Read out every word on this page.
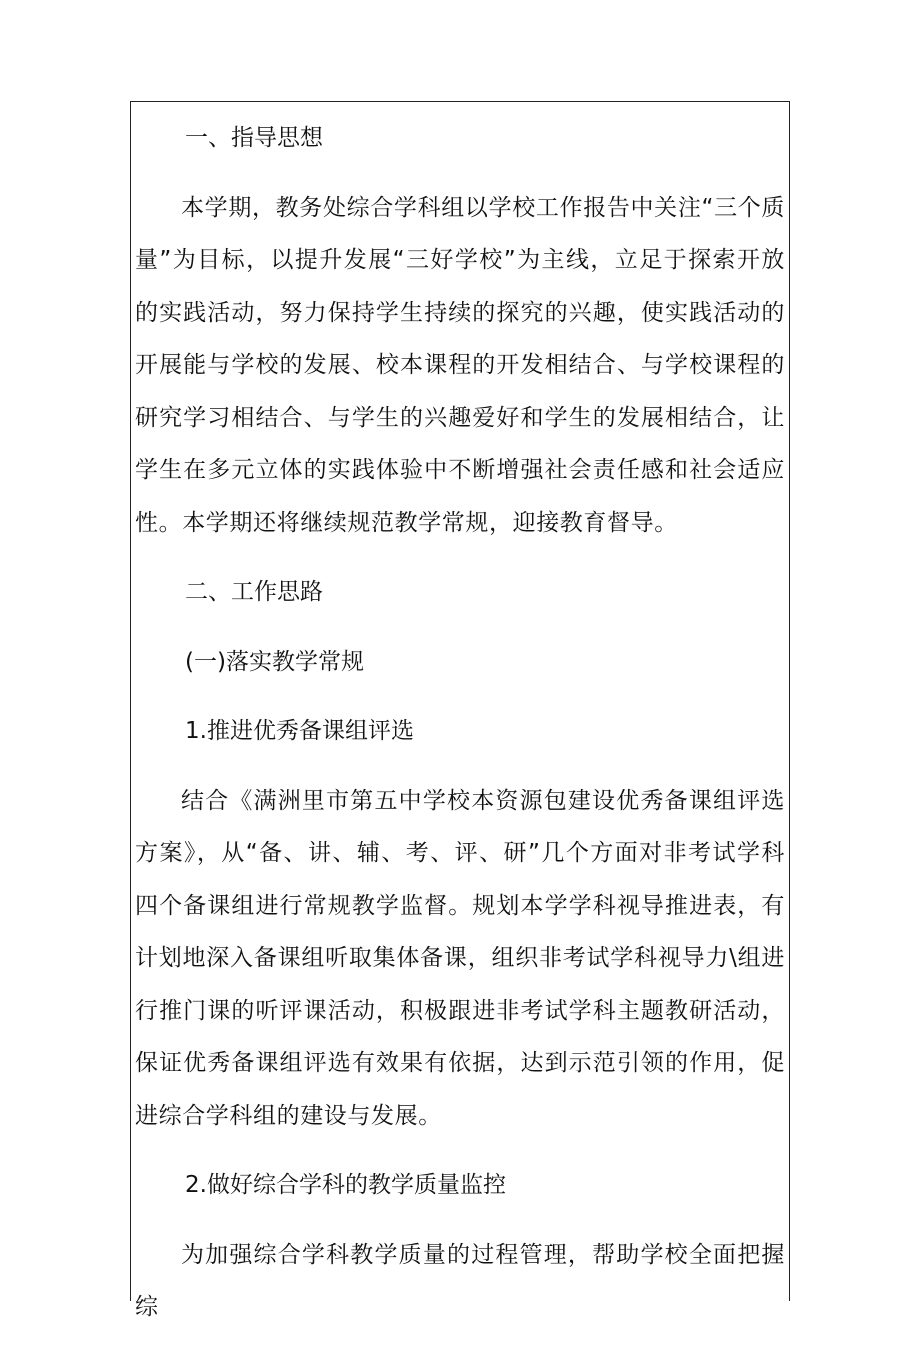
一、指导思想

本学期，教务处综合学科组以学校工作报告中关注“三个质量”为目标，以提升发展“三好学校”为主线，立足于探索开放的实践活动，努力保持学生持续的探究的兴趣，使实践活动的开展能与学校的发展、校本课程的开发相结合、与学校课程的研究学习相结合、与学生的兴趣爱好和学生的发展相结合，让学生在多元立体的实践体验中不断增强社会责任感和社会适应性。本学期还将继续规范教学常规，迎接教育督导。

二、工作思路

(一)落实教学常规

1.推进优秀备课组评选

结合《满洲里市第五中学校本资源包建设优秀备课组评选方案》，从“备、讲、辅、考、评、研”几个方面对非考试学科四个备课组进行常规教学监督。规划本学学科视导推进表，有计划地深入备课组听取集体备课，组织非考试学科视导力\组进行推门课的听评课活动，积极跟进非考试学科主题教研活动，保证优秀备课组评选有效果有依据，达到示范引领的作用，促进综合学科组的建设与发展。

2.做好综合学科的教学质量监控

为加强综合学科教学质量的过程管理，帮助学校全面把握综
